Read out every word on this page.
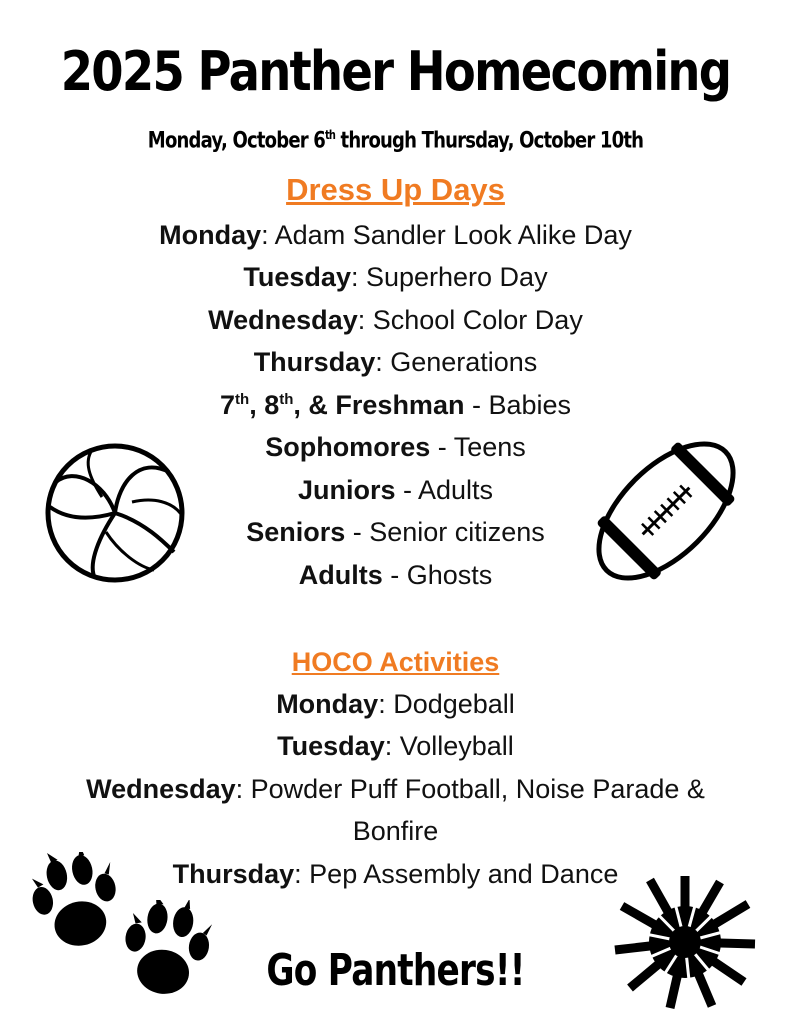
2025 Panther Homecoming
Monday, October 6th through Thursday, October 10th
Dress Up Days
Monday: Adam Sandler Look Alike Day
Tuesday: Superhero Day
Wednesday: School Color Day
Thursday: Generations
7th, 8th, & Freshman - Babies
Sophomores - Teens
Juniors - Adults
Seniors - Senior citizens
Adults - Ghosts
HOCO Activities
Monday: Dodgeball
Tuesday: Volleyball
Wednesday: Powder Puff Football, Noise Parade &
Bonfire
Thursday: Pep Assembly and Dance
Go Panthers!!
